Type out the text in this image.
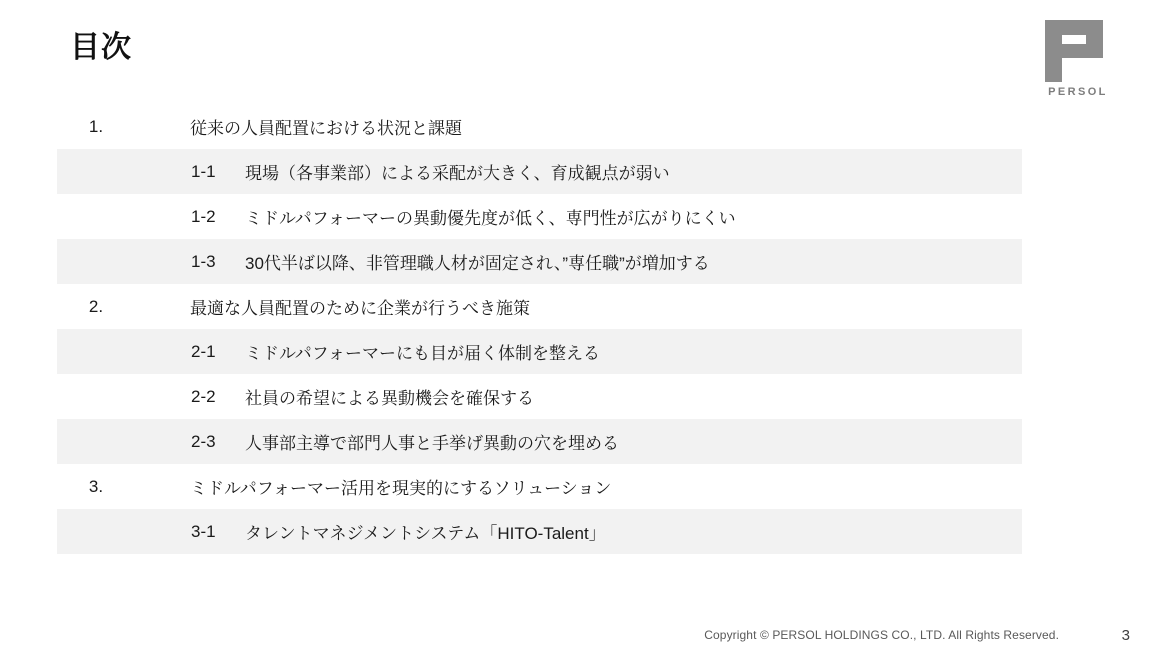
目次
PERSOL
1.	従来の人員配置における状況と課題
1-1	現場（各事業部）による采配が大きく、育成観点が弱い
1-2	ミドルパフォーマーの異動優先度が低く、専門性が広がりにくい
1-3	30代半ば以降、非管理職人材が固定され、”専任職”が増加する
2.	最適な人員配置のために企業が行うべき施策
2-1	ミドルパフォーマーにも目が届く体制を整える
2-2	社員の希望による異動機会を確保する
2-3	人事部主導で部門人事と手挙げ異動の穴を埋める
3.	ミドルパフォーマー活用を現実的にするソリューション
3-1	タレントマネジメントシステム「HITO-Talent」
Copyright © PERSOL HOLDINGS CO., LTD. All Rights Reserved.	3
